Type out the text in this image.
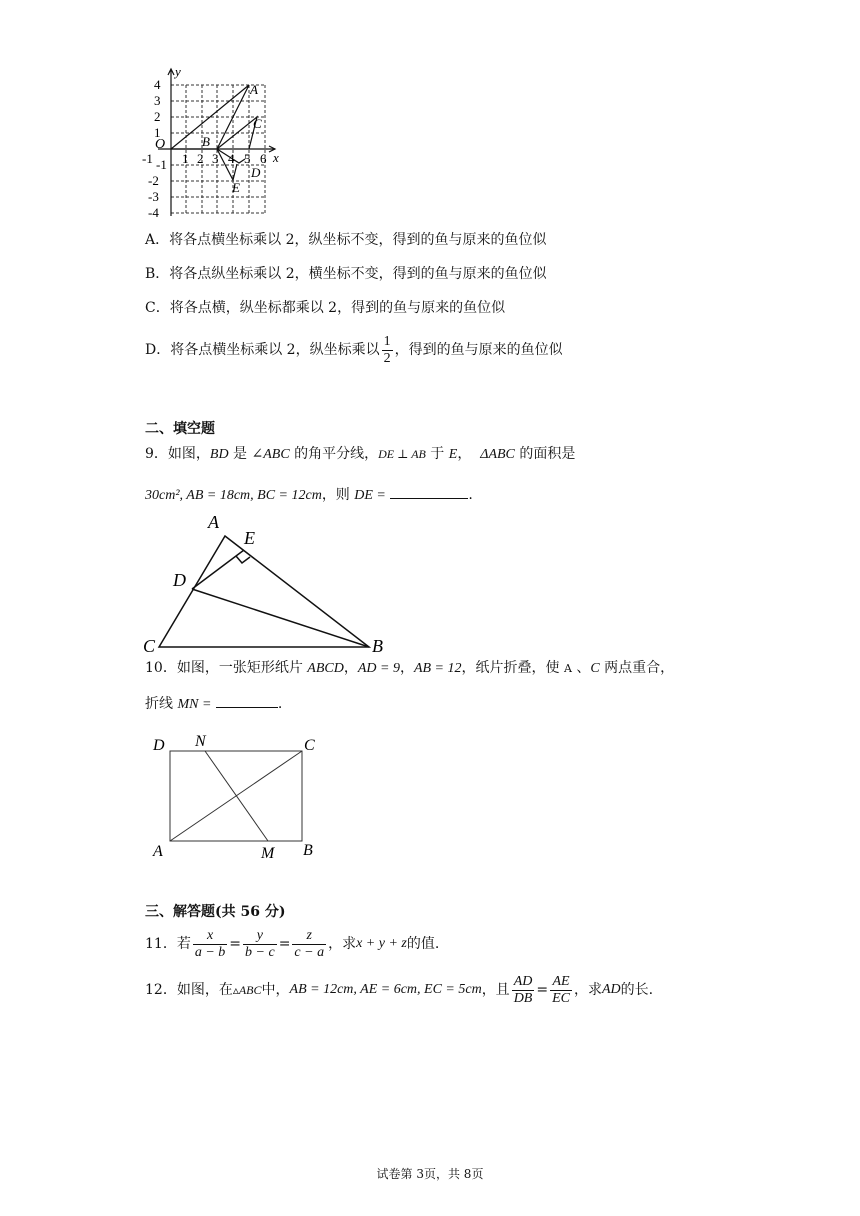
y
x
O
4
3
2
1
-1
-2
-3
-4
-1 1 2 3 4 5 6
A
B
C
D
E
A．将各点横坐标乘以 2，纵坐标不变，得到的鱼与原来的鱼位似
B．将各点纵坐标乘以 2，横坐标不变，得到的鱼与原来的鱼位似
C．将各点横，纵坐标都乘以 2，得到的鱼与原来的鱼位似
D． 将各点横坐标乘以 2，纵坐标乘以 $\frac{1}{2}$ ，得到的鱼与原来的鱼位似
二、填空题
9．如图，BD 是 ∠ABC 的角平分线，DE ⊥ AB 于 E， ΔABC 的面积是
30cm², AB = 18cm, BC = 12cm，则 DE =	.
A
E
D
C	B
10．如图，一张矩形纸片 ABCD，AD = 9，AB = 12，纸片折叠，使 A 、C 两点重合，
折线 MN =	.
D N	C
A	M B
三、解答题(共 56 分)
11．若 $\frac{x}{a - b} = \frac{y}{b - c} = \frac{z}{c - a}$ ，求 x + y + z 的值.
12．如图，在 ▵ABC 中， AB = 12cm, AE = 6cm, EC = 5cm ，且 $\frac{AD}{DB} = \frac{AE}{EC}$ ，求 AD 的长.
试卷第 3页，共 8页
